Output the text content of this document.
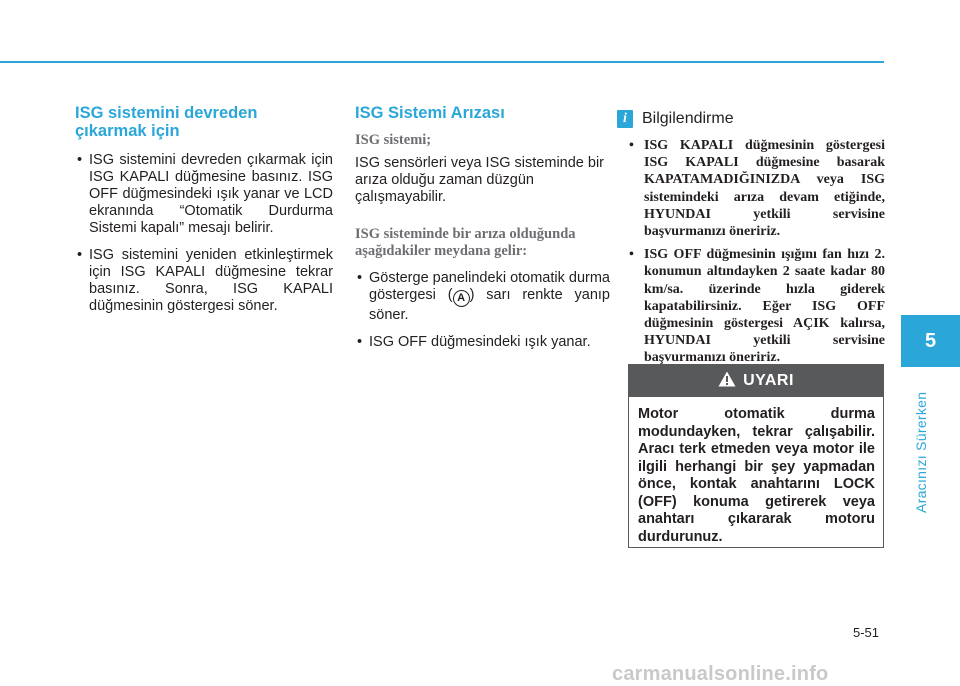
ISG sistemini devreden
çıkarmak için
• ISG sistemini devreden çıkarmak için ISG KAPALI düğmesine basınız. ISG OFF düğmesindeki ışık yanar ve LCD ekranında “Otomatik Durdurma Sistemi kapalı” mesajı belirir.
• ISG sistemini yeniden etkinleştirmek için ISG KAPALI düğmesine tekrar basınız. Sonra, ISG KAPALI düğmesinin göstergesi söner.
ISG Sistemi Arızası
ISG sistemi;

ISG sensörleri veya ISG sisteminde bir arıza olduğu zaman düzgün çalışmayabilir.

ISG sisteminde bir arıza olduğunda aşağıdakiler meydana gelir:
• Gösterge panelindeki otomatik durma göstergesi ( A ) sarı renkte yanıp söner.
• ISG OFF düğmesindeki ışık yanar.
i Bilgilendirme
• ISG KAPALI düğmesinin göstergesi ISG KAPALI düğmesine basarak KAPATAMADIĞINIZDA veya ISG sistemindeki arıza devam etiğinde, HYUNDAI yetkili servisine başvurmanızı öneririz.
• ISG OFF düğmesinin ışığını fan hızı 2. konumun altındayken 2 saate kadar 80 km/sa. üzerinde hızla giderek kapatabilirsiniz. Eğer ISG OFF düğmesinin göstergesi AÇIK kalırsa, HYUNDAI yetkili servisine başvurmanızı öneririz.
UYARI
Motor otomatik durma modundayken, tekrar çalışabilir. Aracı terk etmeden veya motor ile ilgili herhangi bir şey yapmadan önce, kontak anahtarını LOCK (OFF) konuma getirerek veya anahtarı çıkararak motoru durdurunuz.
5
Aracınızı Sürerken
5-51
carmanualsonline.info
